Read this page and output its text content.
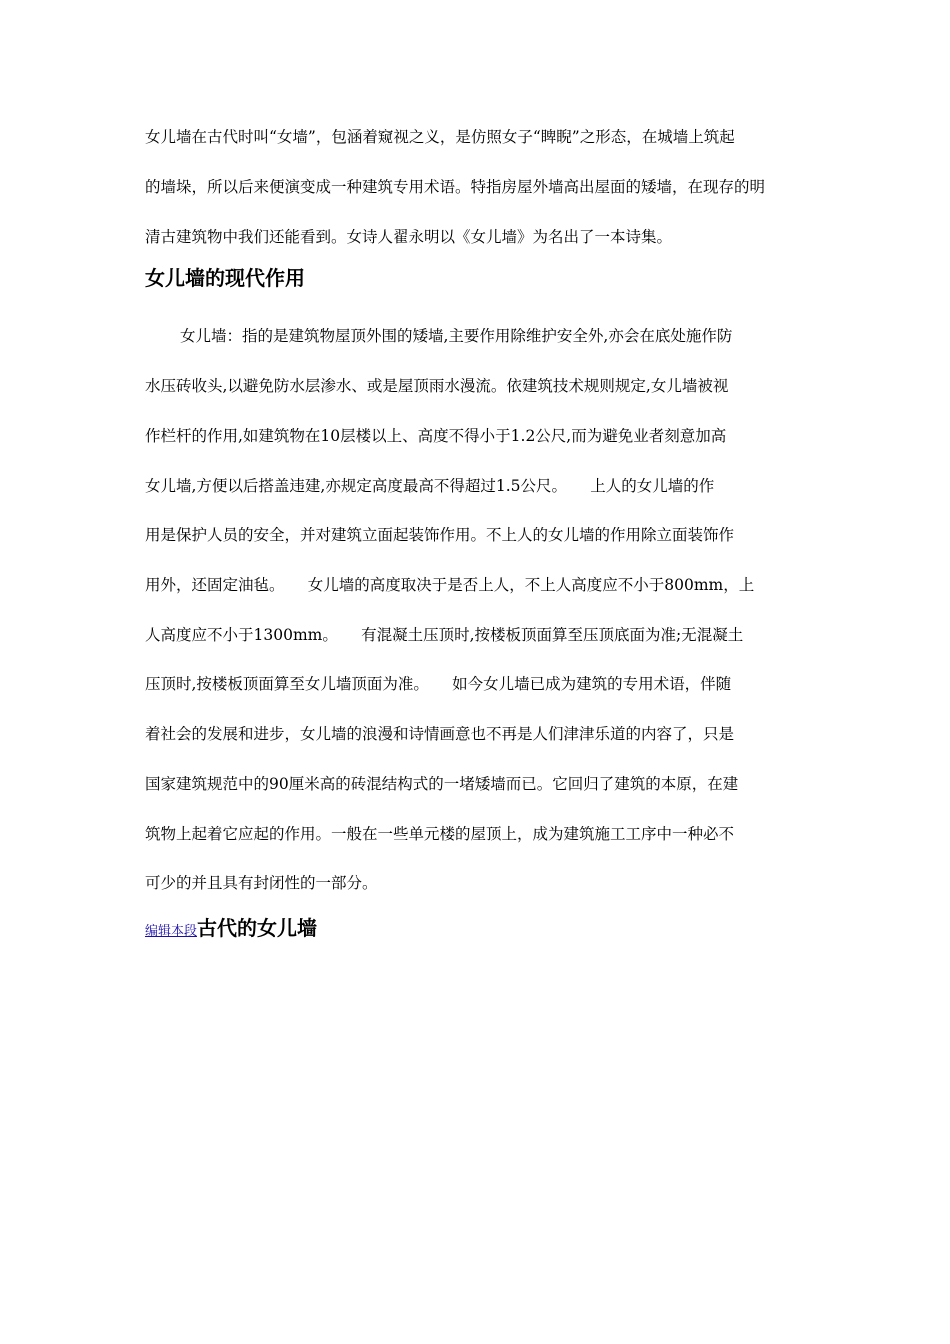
女儿墙在古代时叫“女墙”，包涵着窥视之义，是仿照女子“睥睨”之形态，在城墙上筑起
的墙垛，所以后来便演变成一种建筑专用术语。特指房屋外墙高出屋面的矮墙，在现存的明
清古建筑物中我们还能看到。女诗人翟永明以《女儿墙》为名出了一本诗集。
女儿墙的现代作用
女儿墙：指的是建筑物屋顶外围的矮墙,主要作用除维护安全外,亦会在底处施作防
水压砖收头,以避免防水层渗水、或是屋顶雨水漫流。依建筑技术规则规定,女儿墙被视
作栏杆的作用,如建筑物在10层楼以上、高度不得小于1.2公尺,而为避免业者刻意加高
女儿墙,方便以后搭盖违建,亦规定高度最高不得超过1.5公尺。　　上人的女儿墙的作
用是保护人员的安全，并对建筑立面起装饰作用。不上人的女儿墙的作用除立面装饰作
用外，还固定油毡。　　女儿墙的高度取决于是否上人，不上人高度应不小于800mm，上
人高度应不小于1300mm。　　有混凝土压顶时,按楼板顶面算至压顶底面为准;无混凝土
压顶时,按楼板顶面算至女儿墙顶面为准。　　如今女儿墙已成为建筑的专用术语，伴随
着社会的发展和进步，女儿墙的浪漫和诗情画意也不再是人们津津乐道的内容了，只是
国家建筑规范中的90厘米高的砖混结构式的一堵矮墙而已。它回归了建筑的本原，在建
筑物上起着它应起的作用。一般在一些单元楼的屋顶上，成为建筑施工工序中一种必不
可少的并且具有封闭性的一部分。
编辑本段古代的女儿墙
